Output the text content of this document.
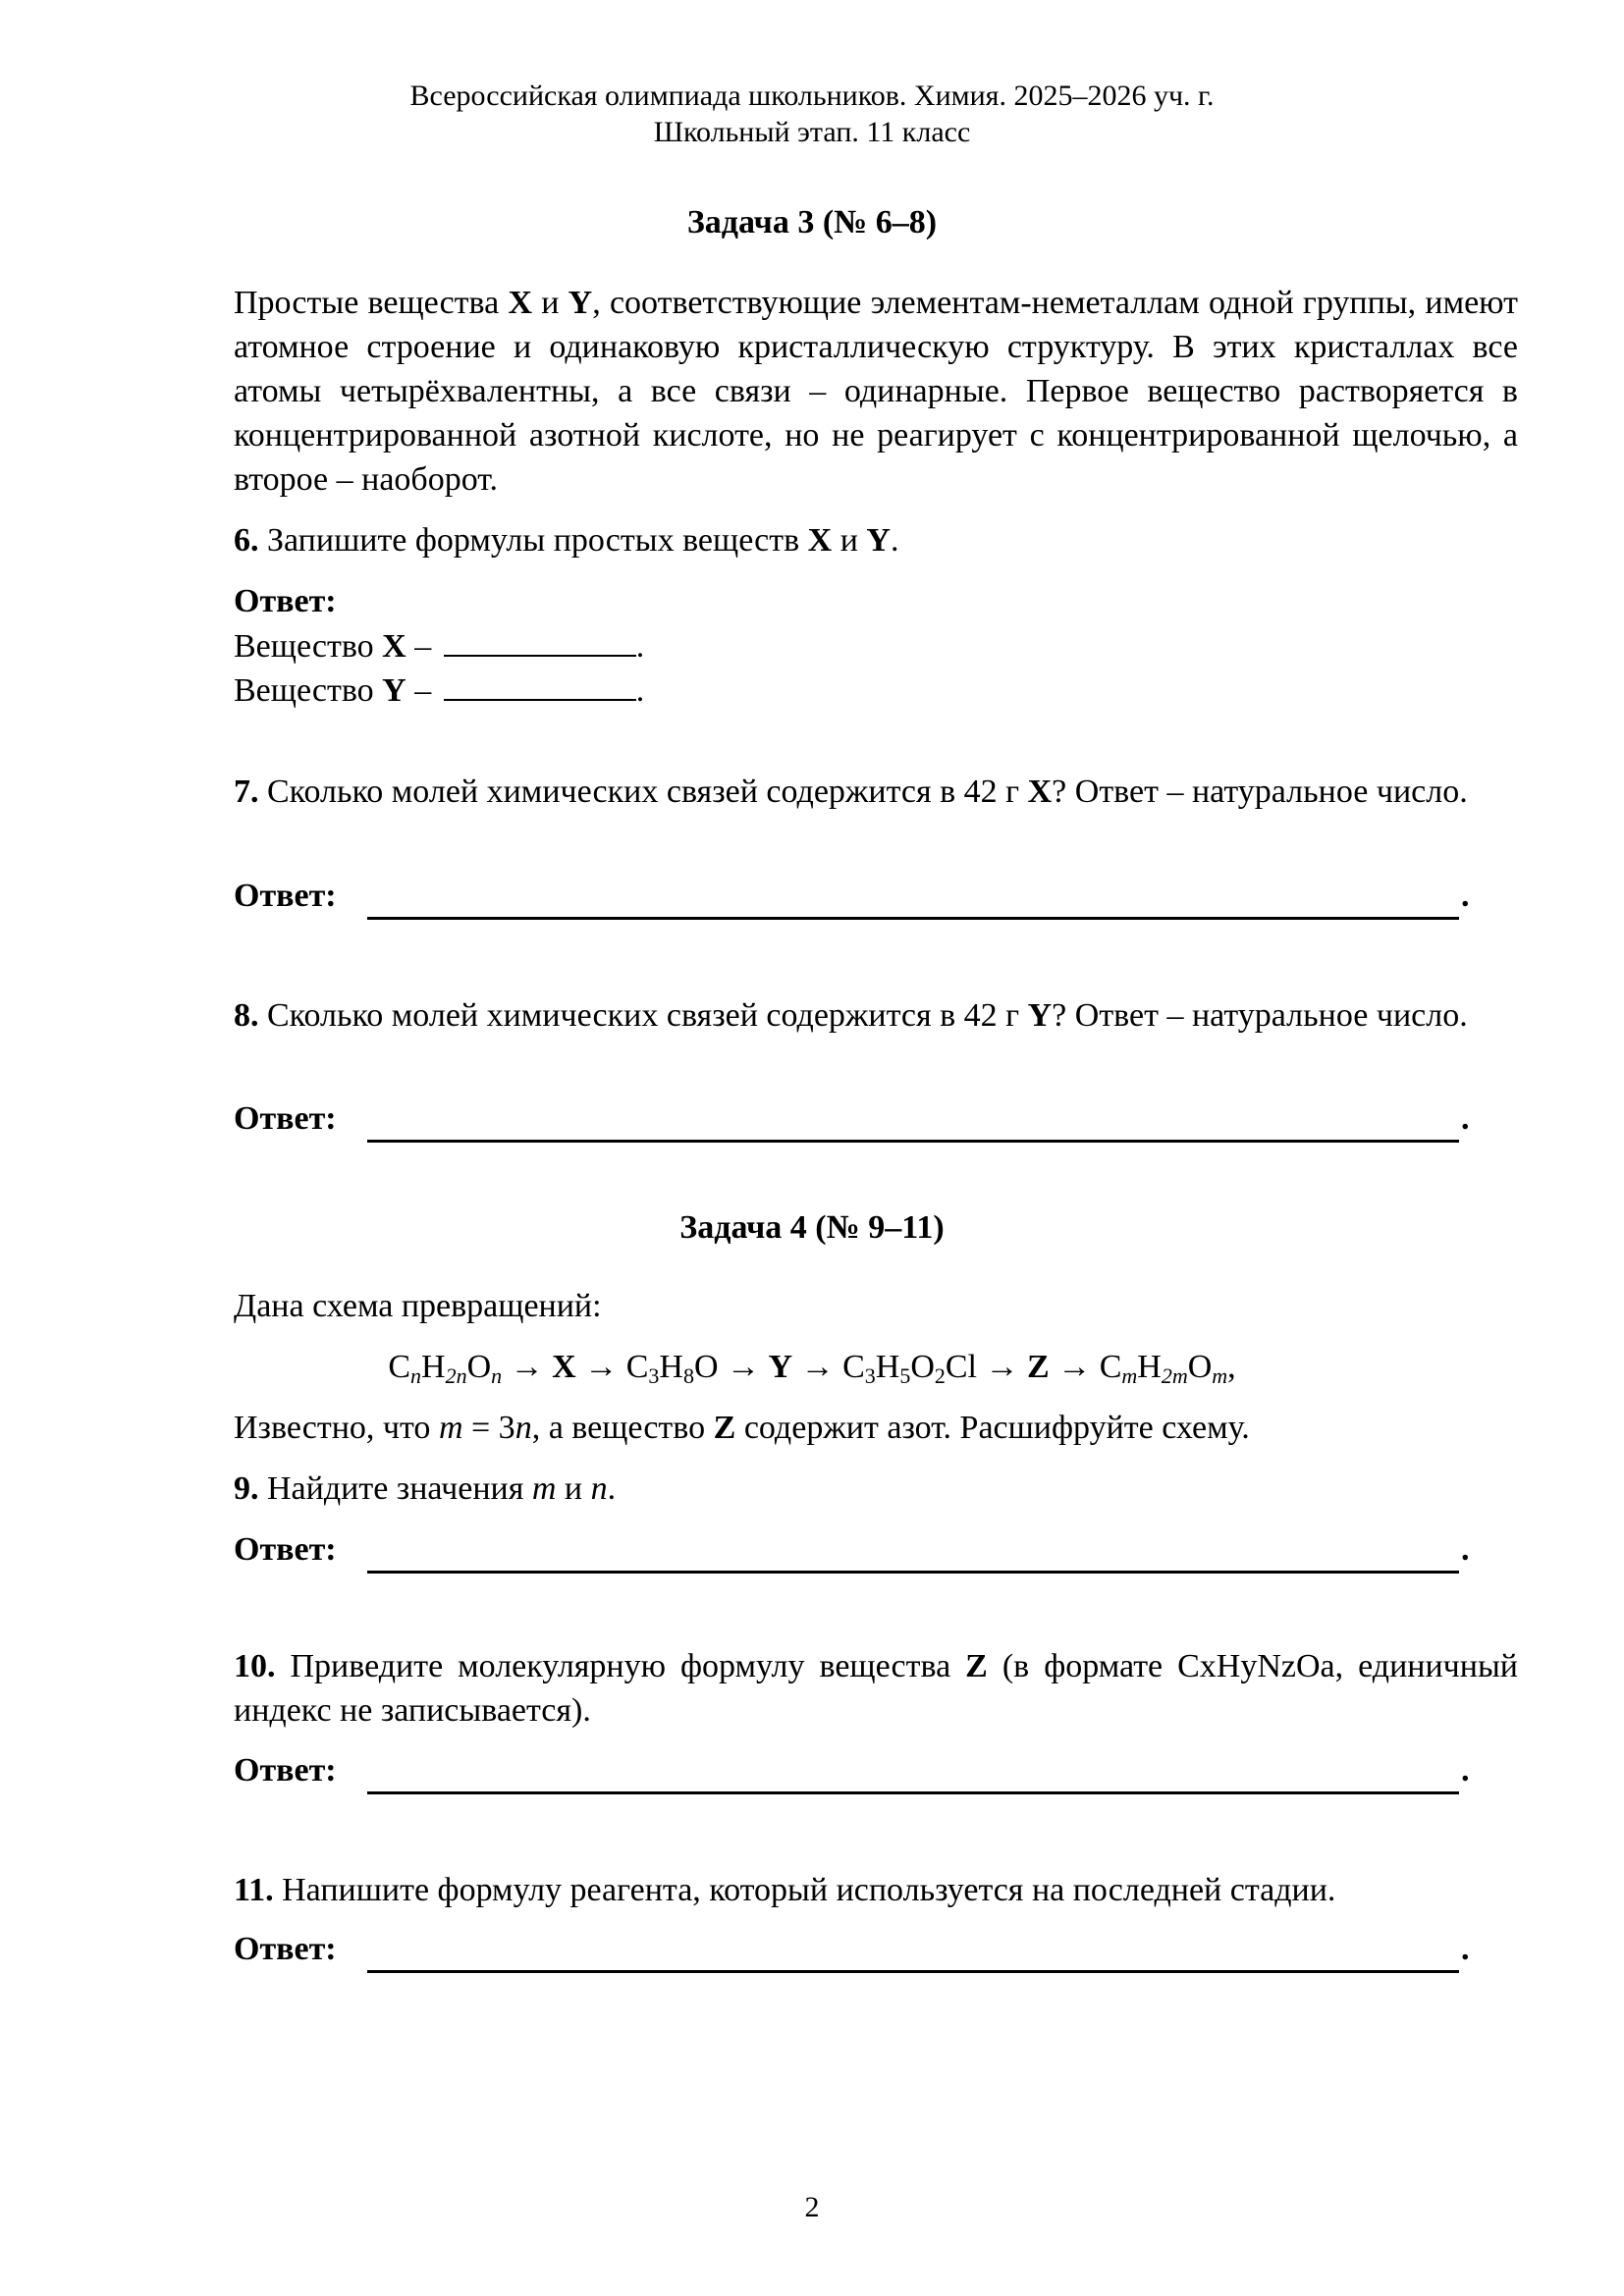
Всероссийская олимпиада школьников. Химия. 2025–2026 уч. г.
Школьный этап. 11 класс
Задача 3 (№ 6–8)
Простые вещества X и Y, соответствующие элементам-неметаллам одной группы, имеют атомное строение и одинаковую кристаллическую структуру. В этих кристаллах все атомы четырёхвалентны, а все связи – одинарные. Первое вещество растворяется в концентрированной азотной кислоте, но не реагирует с концентрированной щелочью, а второе – наоборот.
6. Запишите формулы простых веществ X и Y.
Ответ:
Вещество X –	.
Вещество Y –	.
7. Сколько молей химических связей содержится в 42 г X? Ответ – натуральное число.
Ответ:	.
8. Сколько молей химических связей содержится в 42 г Y? Ответ – натуральное число.
Ответ:	.
Задача 4 (№ 9–11)
Дана схема превращений:
$C_nH_{2n}O_n \to X \to C_3H_8O \to Y \to C_3H_5O_2Cl \to Z \to C_mH_{2m}O_m$,
Известно, что m = 3n, а вещество Z содержит азот. Расшифруйте схему.
9. Найдите значения m и n.
Ответ:	.
10. Приведите молекулярную формулу вещества Z (в формате CxHyNzOa, единичный индекс не записывается).
Ответ:	.
11. Напишите формулу реагента, который используется на последней стадии.
Ответ:	.
2
